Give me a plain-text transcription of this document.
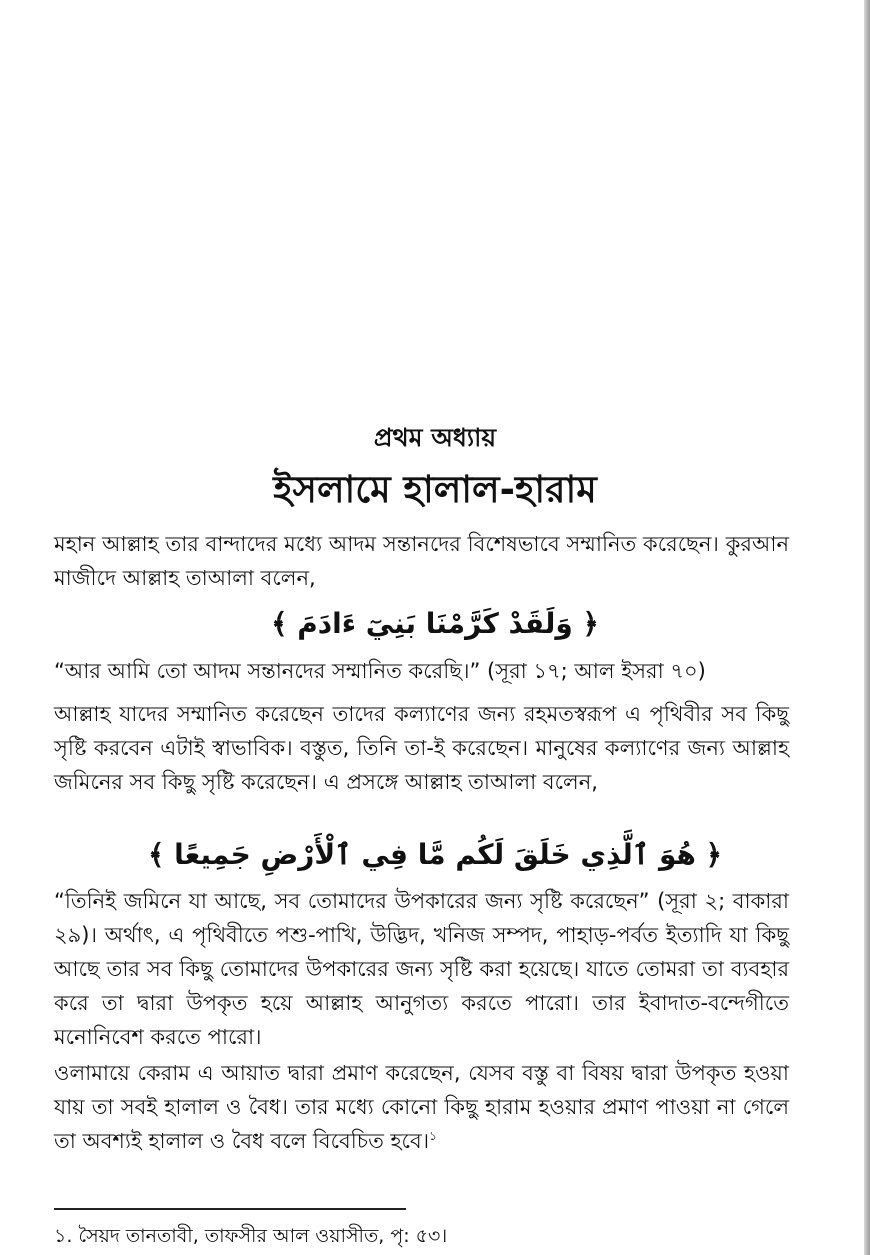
প্রথম অধ্যায়
ইসলামে হালাল-হারাম
মহান আল্লাহ তার বান্দাদের মধ্যে আদম সন্তানদের বিশেষভাবে সম্মানিত করেছেন। কুরআন মাজীদে আল্লাহ তাআলা বলেন,
﴿ وَلَقَدْ كَرَّمْنَا بَنِيٓ ءَادَمَ ﴾
“আর আমি তো আদম সন্তানদের সম্মানিত করেছি।” (সূরা ১৭; আল ইসরা ৭০)
আল্লাহ যাদের সম্মানিত করেছেন তাদের কল্যাণের জন্য রহমতস্বরূপ এ পৃথিবীর সব কিছু সৃষ্টি করবেন এটাই স্বাভাবিক। বস্তুত, তিনি তা-ই করেছেন। মানুষের কল্যাণের জন্য আল্লাহ জমিনের সব কিছু সৃষ্টি করেছেন। এ প্রসঙ্গে আল্লাহ তাআলা বলেন,
﴿ هُوَ ٱلَّذِي خَلَقَ لَكُم مَّا فِي ٱلْأَرْضِ جَمِيعًا ﴾
“তিনিই জমিনে যা আছে, সব তোমাদের উপকারের জন্য সৃষ্টি করেছেন” (সূরা ২; বাকারা ২৯)। অর্থাৎ, এ পৃথিবীতে পশু-পাখি, উদ্ভিদ, খনিজ সম্পদ, পাহাড়-পর্বত ইত্যাদি যা কিছু আছে তার সব কিছু তোমাদের উপকারের জন্য সৃষ্টি করা হয়েছে। যাতে তোমরা তা ব্যবহার করে তা দ্বারা উপকৃত হয়ে আল্লাহ আনুগত্য করতে পারো। তার ইবাদাত-বন্দেগীতে মনোনিবেশ করতে পারো।
ওলামায়ে কেরাম এ আয়াত দ্বারা প্রমাণ করেছেন, যেসব বস্তু বা বিষয় দ্বারা উপকৃত হওয়া যায় তা সবই হালাল ও বৈধ। তার মধ্যে কোনো কিছু হারাম হওয়ার প্রমাণ পাওয়া না গেলে তা অবশ্যই হালাল ও বৈধ বলে বিবেচিত হবে।$^১$
১. সৈয়দ তানতাবী, তাফসীর আল ওয়াসীত, পৃ: ৫৩।
